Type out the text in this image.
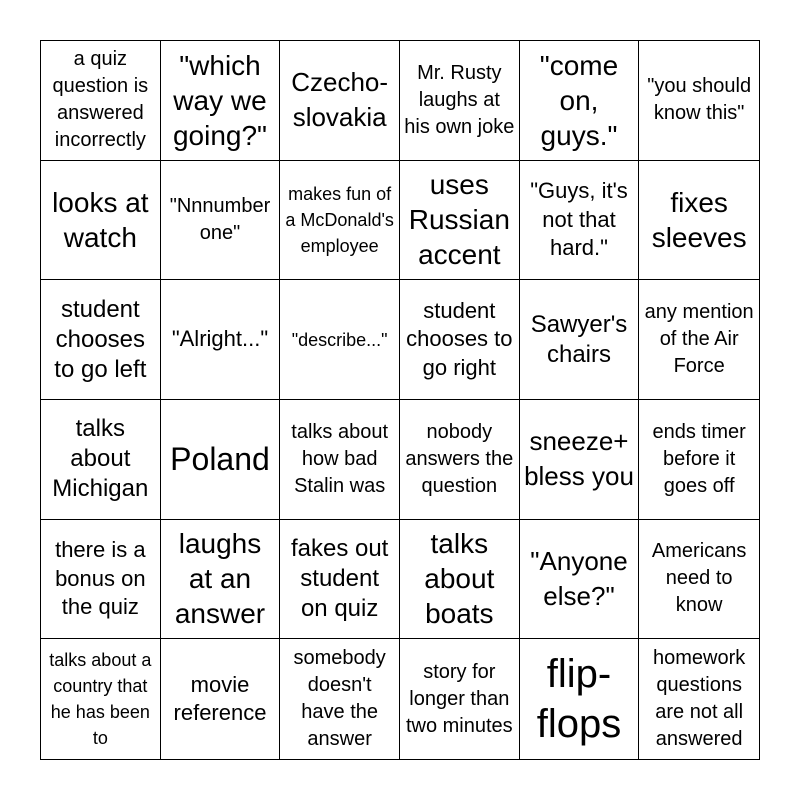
a quiz question is answered incorrectly
"which way we going?"
Czecho-slovakia
Mr. Rusty laughs at his own joke
"come on, guys."
"you should know this"
looks at watch
"Nnnumber one"
makes fun of a McDonald's employee
uses Russian accent
"Guys, it's not that hard."
fixes sleeves
student chooses to go left
"Alright..."	"describe..."
student chooses to go right
Sawyer's chairs
any mention of the Air Force
talks about Michigan
Poland
talks about how bad Stalin was
nobody answers the question
sneeze+ bless you
ends timer before it goes off
there is a bonus on the quiz
laughs at an answer
fakes out student on quiz
talks about boats
"Anyone else?"
Americans need to know
talks about a country that he has been to
movie reference
somebody doesn't have the answer
story for longer than two minutes
flip-flops
homework questions are not all answered
